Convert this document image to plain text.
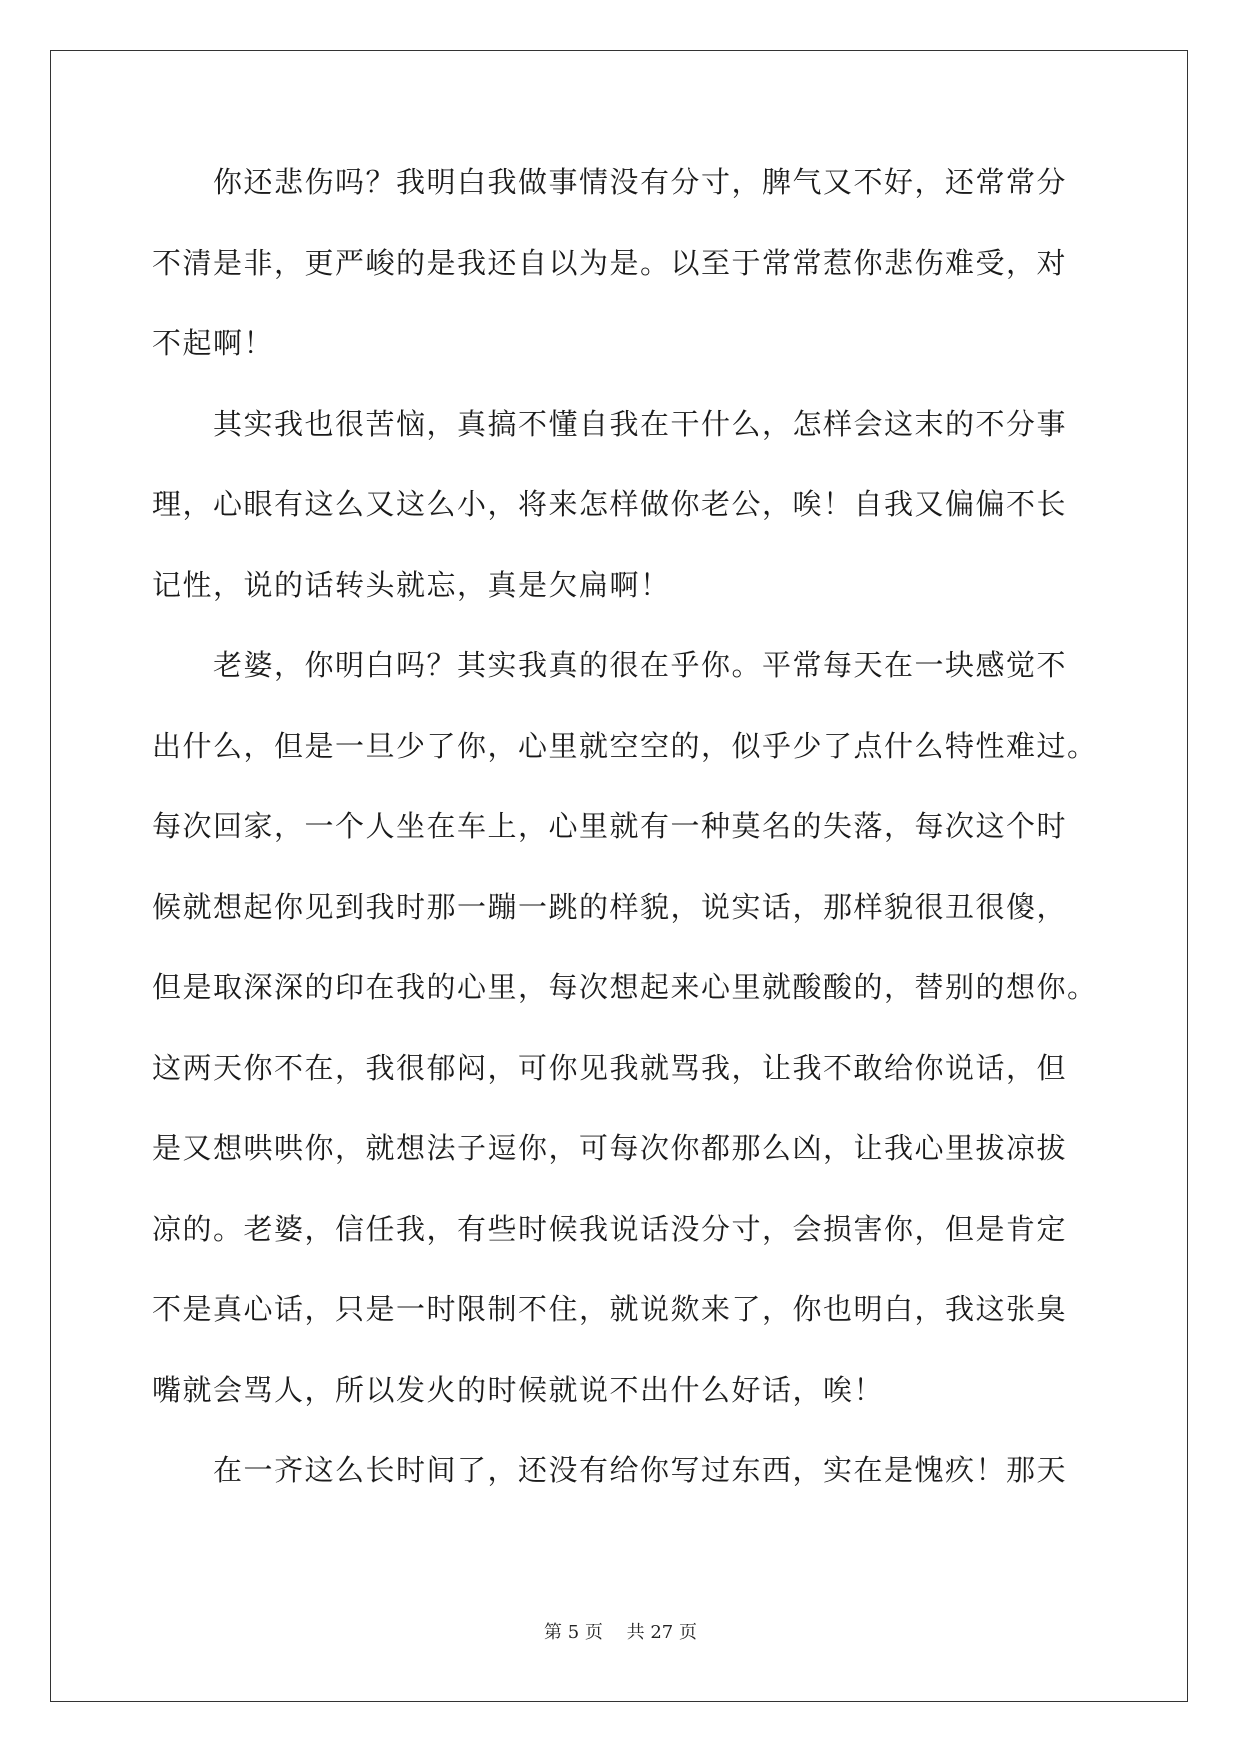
　　你还悲伤吗？我明白我做事情没有分寸，脾气又不好，还常常分
不清是非，更严峻的是我还自以为是。以至于常常惹你悲伤难受，对
不起啊！
　　其实我也很苦恼，真搞不懂自我在干什么，怎样会这末的不分事
理，心眼有这么又这么小，将来怎样做你老公，唉！自我又偏偏不长
记性，说的话转头就忘，真是欠扁啊！
　　老婆，你明白吗？其实我真的很在乎你。平常每天在一块感觉不
出什么，但是一旦少了你，心里就空空的，似乎少了点什么特性难过。
每次回家，一个人坐在车上，心里就有一种莫名的失落，每次这个时
候就想起你见到我时那一蹦一跳的样貌，说实话，那样貌很丑很傻，
但是取深深的印在我的心里，每次想起来心里就酸酸的，替别的想你。
这两天你不在，我很郁闷，可你见我就骂我，让我不敢给你说话，但
是又想哄哄你，就想法子逗你，可每次你都那么凶，让我心里拔凉拔
凉的。老婆，信任我，有些时候我说话没分寸，会损害你，但是肯定
不是真心话，只是一时限制不住，就说欻来了，你也明白，我这张臭
嘴就会骂人，所以发火的时候就说不出什么好话，唉！
　　在一齐这么长时间了，还没有给你写过东西，实在是愧疚！那天
第 5 页　 共 27 页
